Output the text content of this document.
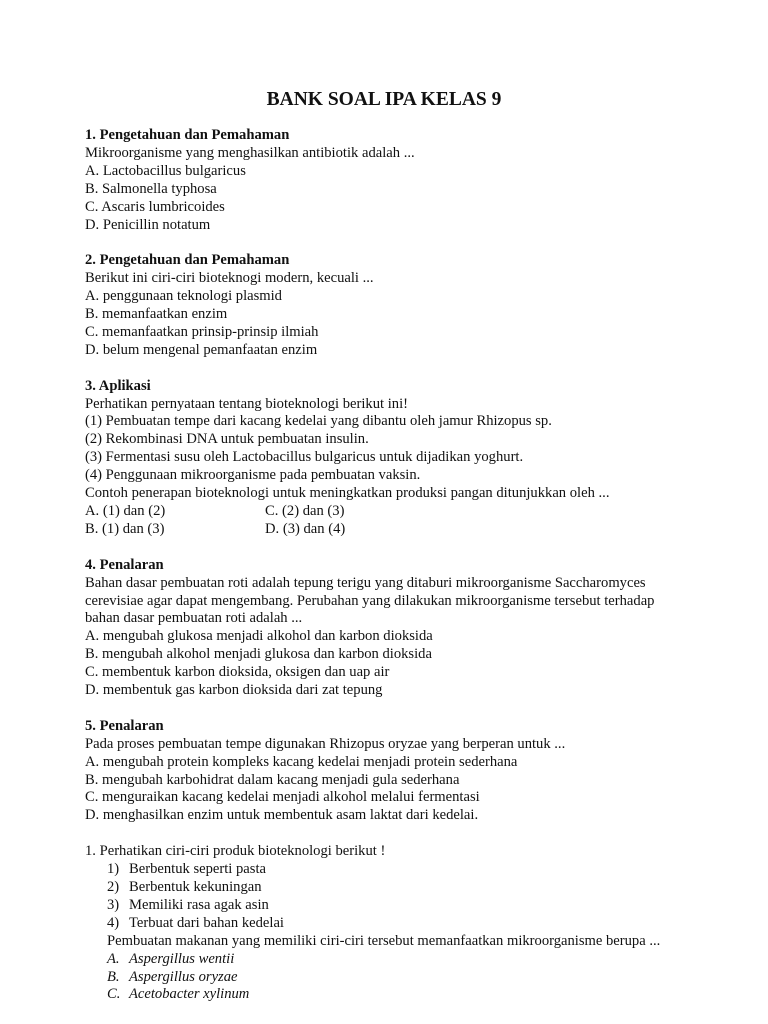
BANK SOAL IPA KELAS 9
1. Pengetahuan dan Pemahaman
Mikroorganisme yang menghasilkan antibiotik adalah ...
A. Lactobacillus bulgaricus
B. Salmonella typhosa
C. Ascaris lumbricoides
D. Penicillin notatum
2. Pengetahuan dan Pemahaman
Berikut ini ciri-ciri bioteknogi modern, kecuali ...
A. penggunaan teknologi plasmid
B. memanfaatkan enzim
C. memanfaatkan prinsip-prinsip ilmiah
D. belum mengenal pemanfaatan enzim
3. Aplikasi
Perhatikan pernyataan tentang bioteknologi berikut ini!
(1) Pembuatan tempe dari kacang kedelai yang dibantu oleh jamur Rhizopus sp.
(2) Rekombinasi DNA untuk pembuatan insulin.
(3) Fermentasi susu oleh Lactobacillus bulgaricus untuk dijadikan yoghurt.
(4) Penggunaan mikroorganisme pada pembuatan vaksin.
Contoh penerapan bioteknologi untuk meningkatkan produksi pangan ditunjukkan oleh ...
A. (1) dan (2)	C. (2) dan (3)
B. (1) dan (3)	D. (3) dan (4)
4. Penalaran
Bahan dasar pembuatan roti adalah tepung terigu yang ditaburi mikroorganisme Saccharomyces
cerevisiae agar dapat mengembang. Perubahan yang dilakukan mikroorganisme tersebut terhadap
bahan dasar pembuatan roti adalah ...
A. mengubah glukosa menjadi alkohol dan karbon dioksida
B. mengubah alkohol menjadi glukosa dan karbon dioksida
C. membentuk karbon dioksida, oksigen dan uap air
D. membentuk gas karbon dioksida dari zat tepung
5. Penalaran
Pada proses pembuatan tempe digunakan Rhizopus oryzae yang berperan untuk ...
A. mengubah protein kompleks kacang kedelai menjadi protein sederhana
B. mengubah karbohidrat dalam kacang menjadi gula sederhana
C. menguraikan kacang kedelai menjadi alkohol melalui fermentasi
D. menghasilkan enzim untuk membentuk asam laktat dari kedelai.
1. Perhatikan ciri-ciri produk bioteknologi berikut !
1) Berbentuk seperti pasta
2) Berbentuk kekuningan
3) Memiliki rasa agak asin
4) Terbuat dari bahan kedelai
Pembuatan makanan yang memiliki ciri-ciri tersebut memanfaatkan mikroorganisme berupa ...
A. Aspergillus wentii
B. Aspergillus oryzae
C. Acetobacter xylinum
